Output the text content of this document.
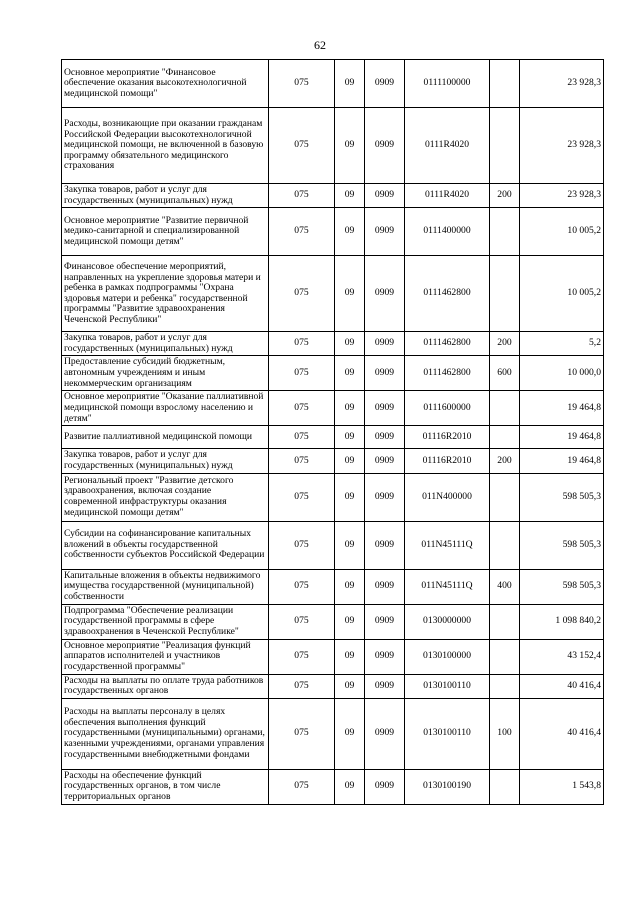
62
Основное мероприятие "Финансовое обеспечение оказания высокотехнологичной медицинской помощи"	075	09	0909	0111100000		23 928,3
Расходы, возникающие при оказании гражданам Российской Федерации высокотехнологичной медицинской помощи, не включенной в базовую программу обязательного медицинского страхования	075	09	0909	0111R4020		23 928,3
Закупка товаров, работ и услуг для государственных (муниципальных) нужд	075	09	0909	0111R4020	200	23 928,3
Основное мероприятие "Развитие первичной медико-санитарной и специализированной медицинской помощи детям"	075	09	0909	0111400000		10 005,2
Финансовое обеспечение мероприятий, направленных на укрепление здоровья матери и ребенка в рамках подпрограммы "Охрана здоровья матери и ребенка" государственной программы "Развитие здравоохранения Чеченской Республики"	075	09	0909	0111462800		10 005,2
Закупка товаров, работ и услуг для государственных (муниципальных) нужд	075	09	0909	0111462800	200	5,2
Предоставление субсидий бюджетным, автономным учреждениям и иным некоммерческим организациям	075	09	0909	0111462800	600	10 000,0
Основное мероприятие "Оказание паллиативной медицинской помощи взрослому населению и детям"	075	09	0909	0111600000		19 464,8
Развитие паллиативной медицинской помощи	075	09	0909	01116R2010		19 464,8
Закупка товаров, работ и услуг для государственных (муниципальных) нужд	075	09	0909	01116R2010	200	19 464,8
Региональный проект "Развитие детского здравоохранения, включая создание современной инфраструктуры оказания медицинской помощи детям"	075	09	0909	011N400000		598 505,3
Субсидии на софинансирование капитальных вложений в объекты государственной собственности субъектов Российской Федерации	075	09	0909	011N45111Q		598 505,3
Капитальные вложения в объекты недвижимого имущества государственной (муниципальной) собственности	075	09	0909	011N45111Q	400	598 505,3
Подпрограмма "Обеспечение реализации государственной программы в сфере здравоохранения в Чеченской Республике"	075	09	0909	0130000000		1 098 840,2
Основное мероприятие "Реализация функций аппаратов исполнителей и участников государственной программы"	075	09	0909	0130100000		43 152,4
Расходы на выплаты по оплате труда работников государственных органов	075	09	0909	0130100110		40 416,4
Расходы на выплаты персоналу в целях обеспечения выполнения функций государственными (муниципальными) органами, казенными учреждениями, органами управления государственными внебюджетными фондами	075	09	0909	0130100110	100	40 416,4
Расходы на обеспечение функций государственных органов, в том числе территориальных органов	075	09	0909	0130100190		1 543,8
